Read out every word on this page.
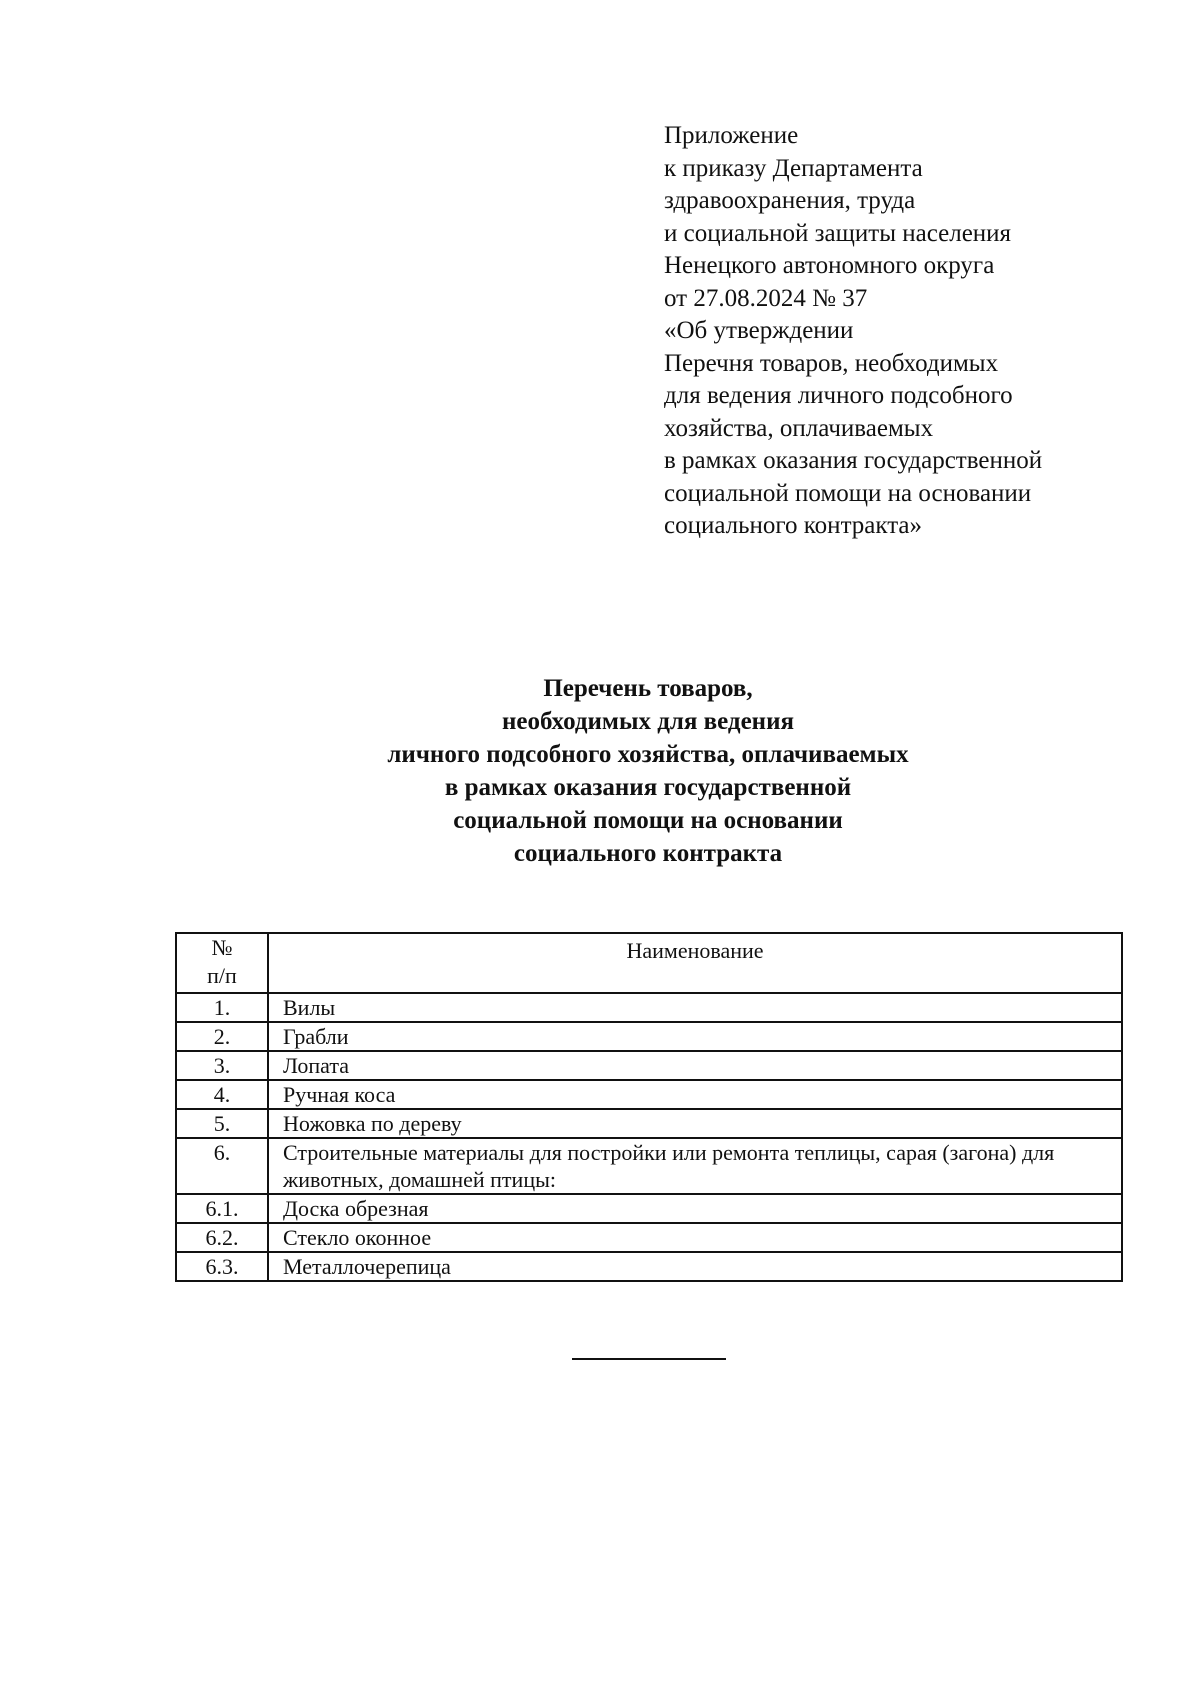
Приложение
к приказу Департамента
здравоохранения, труда
и социальной защиты населения
Ненецкого автономного округа
от 27.08.2024 № 37
«Об утверждении
Перечня товаров, необходимых
для ведения личного подсобного
хозяйства, оплачиваемых
в рамках оказания государственной
социальной помощи на основании
социального контракта»
Перечень товаров,
необходимых для ведения
личного подсобного хозяйства, оплачиваемых
в рамках оказания государственной
социальной помощи на основании
социального контракта
№
п/п	Наименование
1.	Вилы
2.	Грабли
3.	Лопата
4.	Ручная коса
5.	Ножовка по дереву
6.	Строительные материалы для постройки или ремонта теплицы, сарая (загона) для животных, домашней птицы:
6.1.	Доска обрезная
6.2.	Стекло оконное
6.3.	Металлочерепица
